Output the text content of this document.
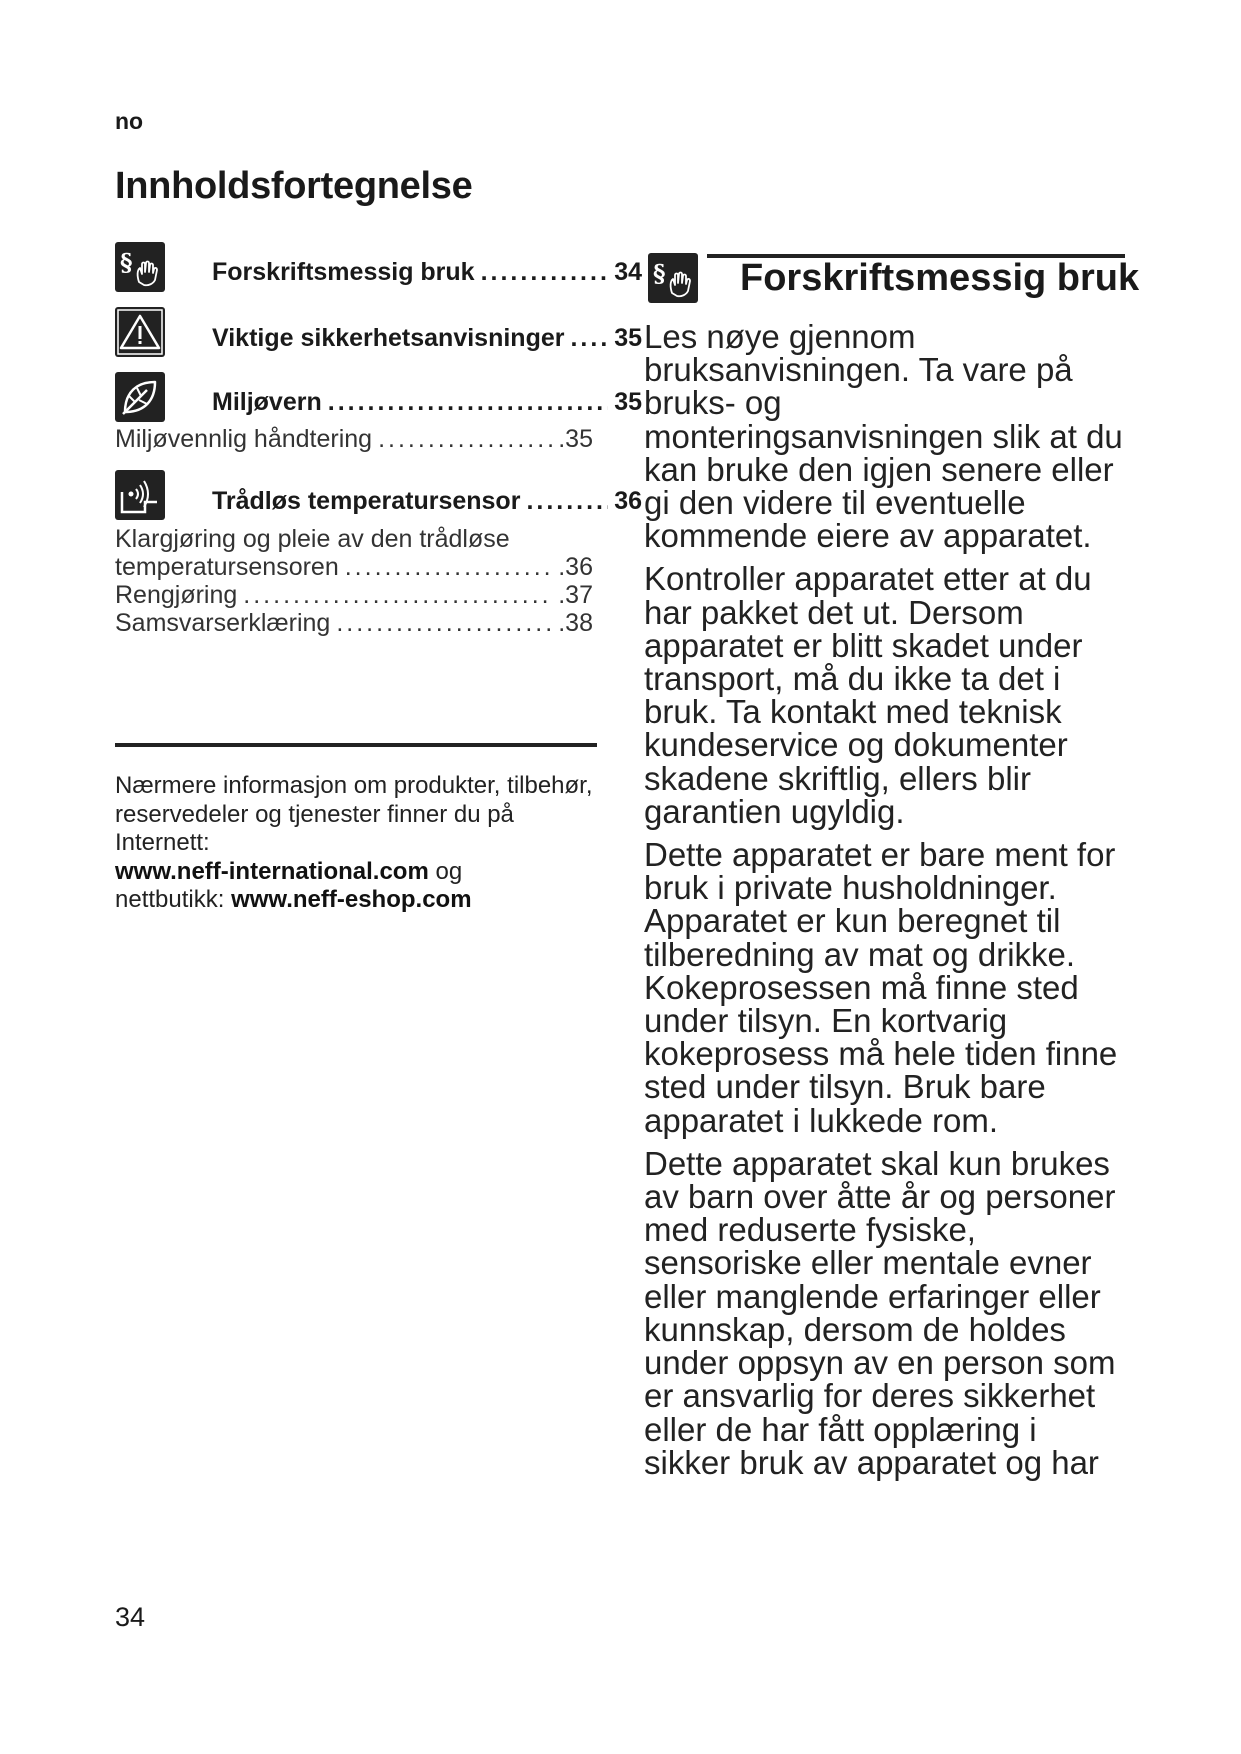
no
Innholdsfortegnelse
§	Forskriftsmessig bruk .....	34
Viktige sikkerhetsanvisninger ..... 35
Miljøvern .....	35
Miljøvennlig håndtering .....	.35
Trådløs temperatursensor .....	36
Klargjøring og pleie av den trådløse
temperatursensoren .....	.36
Rengjøring .....	.37
Samsvarserklæring .....	.38
Nærmere informasjon om produkter, tilbehør, reservedeler og tjenester finner du på Internett:
www.neff-international.com og
nettbutikk: www.neff-eshop.com
§ Forskriftsmessig bruk

Les nøye gjennom bruksanvisningen. Ta vare på bruks- og monteringsanvisningen slik at du kan bruke den igjen senere eller gi den videre til eventuelle kommende eiere av apparatet.

Kontroller apparatet etter at du har pakket det ut. Dersom apparatet er blitt skadet under transport, må du ikke ta det i bruk. Ta kontakt med teknisk kundeservice og dokumenter skadene skriftlig, ellers blir garantien ugyldig.

Dette apparatet er bare ment for bruk i private husholdninger. Apparatet er kun beregnet til tilberedning av mat og drikke. Kokeprosessen må finne sted under tilsyn. En kortvarig kokeprosess må hele tiden finne sted under tilsyn. Bruk bare apparatet i lukkede rom.

Dette apparatet skal kun brukes av barn over åtte år og personer med reduserte fysiske, sensoriske eller mentale evner eller manglende erfaringer eller kunnskap, dersom de holdes under oppsyn av en person som er ansvarlig for deres sikkerhet eller de har fått opplæring i sikker bruk av apparatet og har

34
